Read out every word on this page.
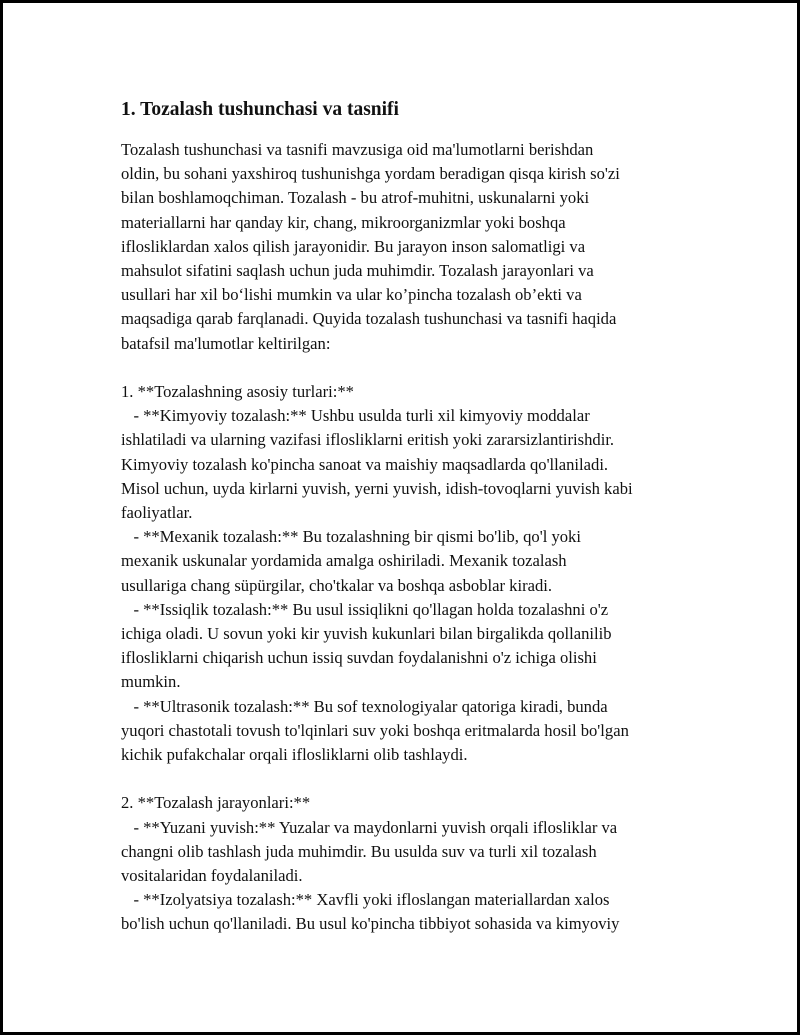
1. Tozalash tushunchasi va tasnifi
Tozalash tushunchasi va tasnifi mavzusiga oid ma'lumotlarni berishdan
oldin, bu sohani yaxshiroq tushunishga yordam beradigan qisqa kirish so'zi
bilan boshlamoqchiman. Tozalash - bu atrof-muhitni, uskunalarni yoki
materiallarni har qanday kir, chang, mikroorganizmlar yoki boshqa
iflosliklardan xalos qilish jarayonidir. Bu jarayon inson salomatligi va
mahsulot sifatini saqlash uchun juda muhimdir. Tozalash jarayonlari va
usullari har xil bo‘lishi mumkin va ular ko’pincha tozalash ob’ekti va
maqsadiga qarab farqlanadi. Quyida tozalash tushunchasi va tasnifi haqida
batafsil ma'lumotlar keltirilgan:
1. **Tozalashning asosiy turlari:**
- **Kimyoviy tozalash:** Ushbu usulda turli xil kimyoviy moddalar
ishlatiladi va ularning vazifasi iflosliklarni eritish yoki zararsizlantirishdir.
Kimyoviy tozalash ko'pincha sanoat va maishiy maqsadlarda qo'llaniladi.
Misol uchun, uyda kirlarni yuvish, yerni yuvish, idish-tovoqlarni yuvish kabi
faoliyatlar.
- **Mexanik tozalash:** Bu tozalashning bir qismi bo'lib, qo'l yoki
mexanik uskunalar yordamida amalga oshiriladi. Mexanik tozalash
usullariga chang süpürgilar, cho'tkalar va boshqa asboblar kiradi.
- **Issiqlik tozalash:** Bu usul issiqlikni qo'llagan holda tozalashni o'z
ichiga oladi. U sovun yoki kir yuvish kukunlari bilan birgalikda qollanilib
iflosliklarni chiqarish uchun issiq suvdan foydalanishni o'z ichiga olishi
mumkin.
- **Ultrasonik tozalash:** Bu sof texnologiyalar qatoriga kiradi, bunda
yuqori chastotali tovush to'lqinlari suv yoki boshqa eritmalarda hosil bo'lgan
kichik pufakchalar orqali iflosliklarni olib tashlaydi.
2. **Tozalash jarayonlari:**
- **Yuzani yuvish:** Yuzalar va maydonlarni yuvish orqali iflosliklar va
changni olib tashlash juda muhimdir. Bu usulda suv va turli xil tozalash
vositalaridan foydalaniladi.
- **Izolyatsiya tozalash:** Xavfli yoki ifloslangan materiallardan xalos
bo'lish uchun qo'llaniladi. Bu usul ko'pincha tibbiyot sohasida va kimyoviy
